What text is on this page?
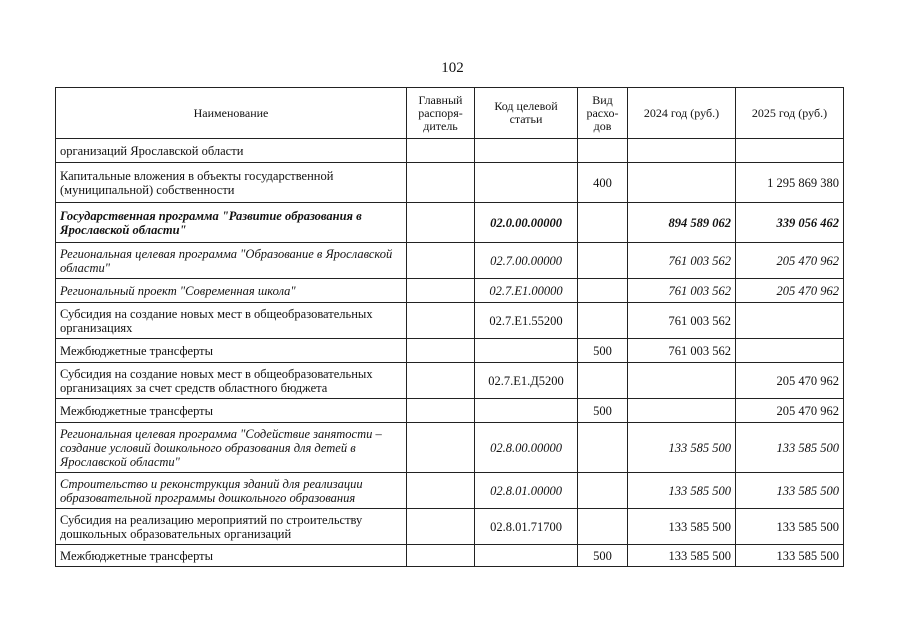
102
Наименование	Главный распоря-дитель	Код целевой статьи	Вид расхо-дов	2024 год (руб.)	2025 год (руб.)
организаций Ярославской области					
Капитальные вложения в объекты государственной (муниципальной) собственности			400		1 295 869 380
Государственная программа "Развитие образования в Ярославской области"		02.0.00.00000		894 589 062	339 056 462
Региональная целевая программа "Образование в Ярославской области"		02.7.00.00000		761 003 562	205 470 962
Региональный проект "Современная школа"		02.7.Е1.00000		761 003 562	205 470 962
Субсидия на создание новых мест в общеобразовательных организациях		02.7.Е1.55200		761 003 562	
Межбюджетные трансферты			500	761 003 562	
Субсидия на создание новых мест в общеобразовательных организациях за счет средств областного бюджета		02.7.Е1.Д5200			205 470 962
Межбюджетные трансферты			500		205 470 962
Региональная целевая программа "Содействие занятости – создание условий дошкольного образования для детей в Ярославской области"		02.8.00.00000		133 585 500	133 585 500
Строительство и реконструкция зданий для реализации образовательной программы дошкольного образования		02.8.01.00000		133 585 500	133 585 500
Субсидия на реализацию мероприятий по строительству дошкольных образовательных организаций		02.8.01.71700		133 585 500	133 585 500
Межбюджетные трансферты			500	133 585 500	133 585 500
